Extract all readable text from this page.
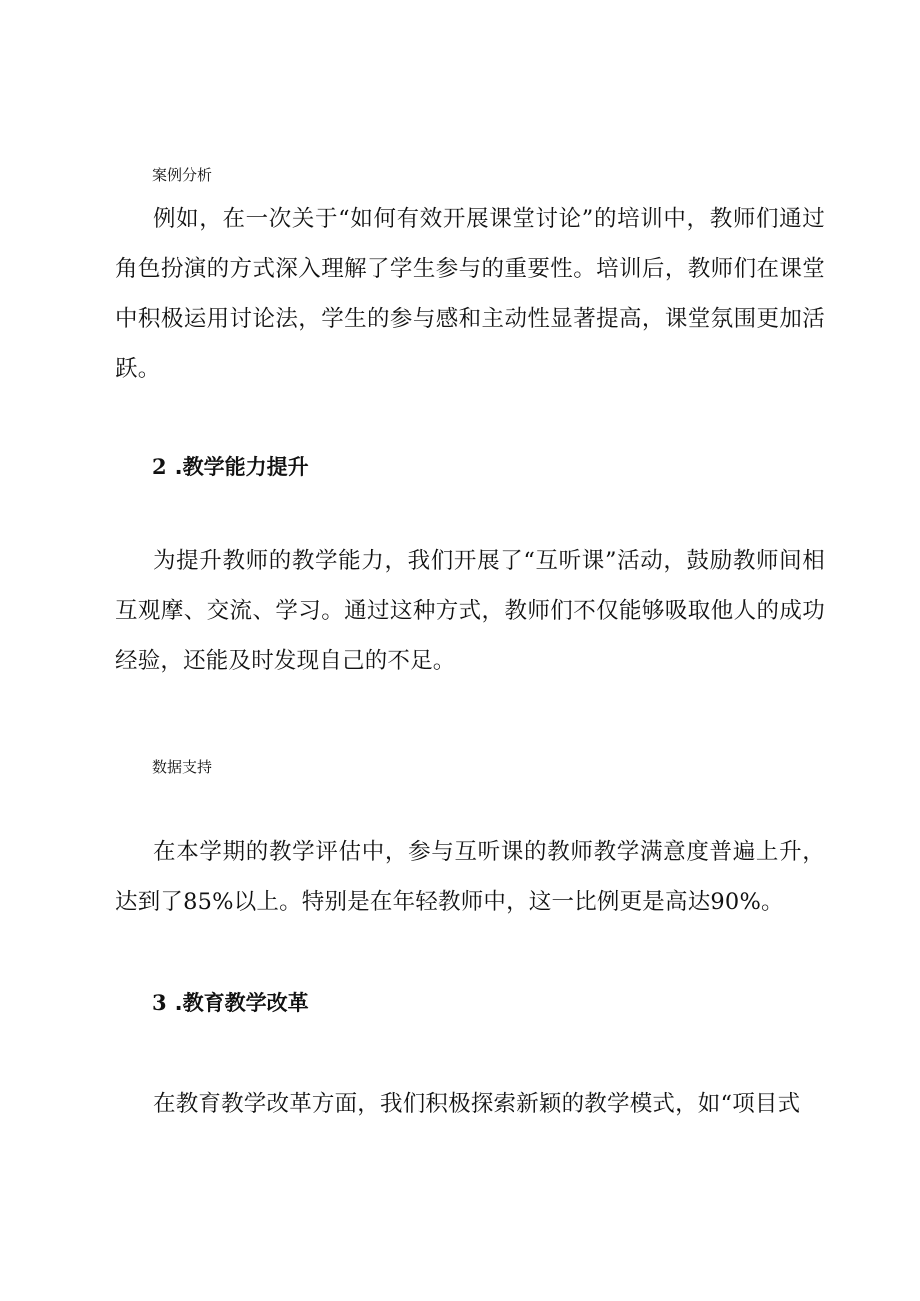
案例分析

例如，在一次关于“如何有效开展课堂讨论”的培训中，教师们通过角色扮演的方式深入理解了学生参与的重要性。培训后，教师们在课堂中积极运用讨论法，学生的参与感和主动性显著提高，课堂氛围更加活跃。

2 .教学能力提升

为提升教师的教学能力，我们开展了“互听课”活动，鼓励教师间相互观摩、交流、学习。通过这种方式，教师们不仅能够吸取他人的成功经验，还能及时发现自己的不足。

数据支持

在本学期的教学评估中，参与互听课的教师教学满意度普遍上升，达到了85%以上。特别是在年轻教师中，这一比例更是高达90%。

3 .教育教学改革

在教育教学改革方面，我们积极探索新颖的教学模式，如“项目式
